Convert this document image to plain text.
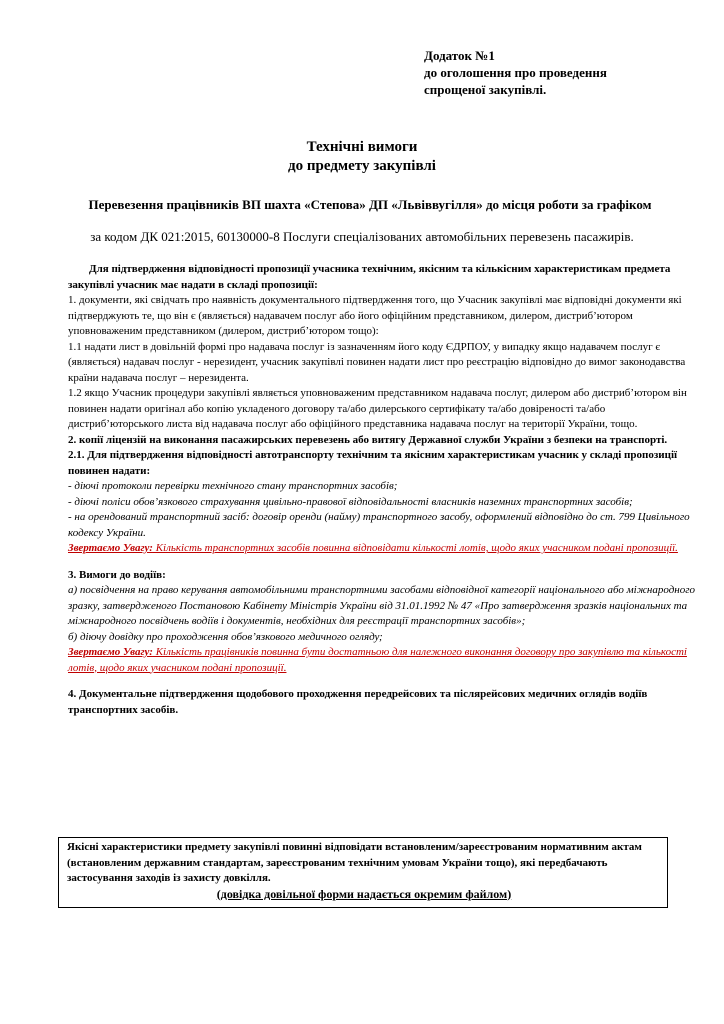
Додаток №1
до оголошення про проведення
спрощеної закупівлі.
Технічні вимоги
до предмету закупівлі
Перевезення працівників ВП шахта «Степова» ДП «Львіввугілля» до місця роботи за графіком
за кодом ДК 021:2015, 60130000-8 Послуги спеціалізованих автомобільних перевезень пасажирів.

Для підтвердження відповідності пропозиції учасника технічним, якісним та кількісним характеристикам предмета закупівлі учасник має надати в складі пропозиції:

1. документи, які свідчать про наявність документального підтвердження того, що Учасник закупівлі має відповідні документи які підтверджують те, що він є (являється) надавачем послуг або його офіційним представником, дилером, дистриб’ютором уповноваженим представником (дилером, дистриб’ютором тощо):

1.1 надати лист в довільній формі про надавача послуг із зазначенням його коду ЄДРПОУ, у випадку якщо надавачем послуг є (являється) надавач послуг - нерезидент, учасник закупівлі повинен надати лист про реєстрацію відповідно до вимог законодавства країни надавача послуг – нерезидента.

1.2 якщо Учасник процедури закупівлі являється уповноваженим представником надавача послуг, дилером або дистриб’ютором він повинен надати оригінал або копію укладеного договору та/або дилерського сертифікату та/або довіреності та/або дистриб’юторського листа від надавача послуг або офіційного представника надавача послуг на території України, тощо.

2. копії ліцензій на виконання пасажирських перевезень або витягу Державної служби України з безпеки на транспорті.

2.1. Для підтвердження відповідності автотранспорту технічним та якісним характеристикам учасник у складі пропозиції повинен надати:

- діючі протоколи перевірки технічного стану транспортних засобів;

- діючі поліси обов’язкового страхування цивільно-правової відповідальності власників наземних транспортних засобів;

- на орендований транспортний засіб: договір оренди (найму) транспортного засобу, оформлений відповідно до ст. 799 Цивільного кодексу України.

Звертаємо Увагу: Кількість транспортних засобів повинна відповідати кількості лотів, щодо яких учасником подані пропозиції.

3. Вимоги до водіїв:

а) посвідчення на право керування автомобільними транспортними засобами відповідної категорії національного або міжнародного зразку, затвердженого Постановою Кабінету Міністрів України від 31.01.1992 № 47 «Про затвердження зразків національних та міжнародного посвідчень водіїв і документів, необхідних для реєстрації транспортних засобів»;

б) діючу довідку про проходження обов’язкового медичного огляду;

Звертаємо Увагу: Кількість працівників повинна бути достатньою для належного виконання договору про закупівлю та кількості лотів, щодо яких учасником подані пропозиції.

4. Документальне підтвердження щодобового проходження передрейсових та післярейсових медичних оглядів водіїв транспортних засобів.

Якісні характеристики предмету закупівлі повинні відповідати встановленим/зареєстрованим нормативним актам (встановленим державним стандартам, зареєстрованим технічним умовам України тощо), які передбачають застосування заходів із захисту довкілля.
(довідка довільної форми надається окремим файлом)
